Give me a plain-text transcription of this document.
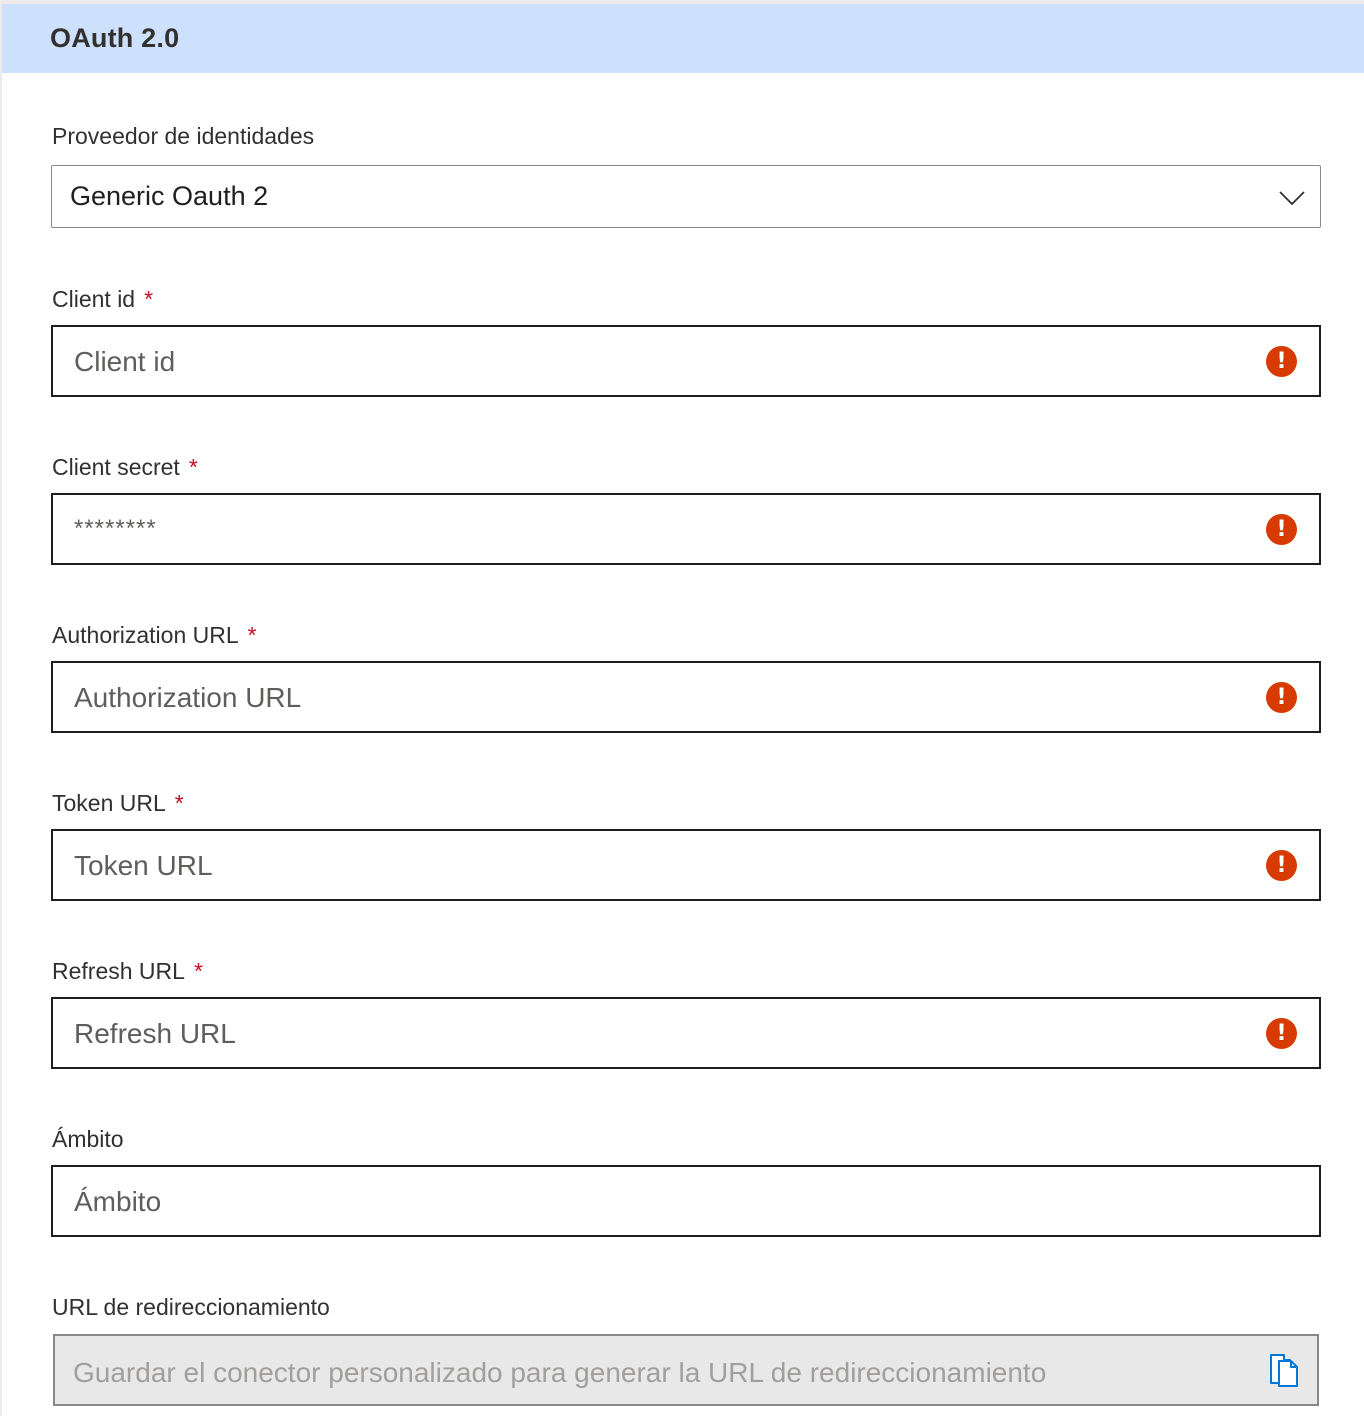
OAuth 2.0
Proveedor de identidades
Generic Oauth 2
Client id *
Client id	!
Client secret *
********	!
Authorization URL *
Authorization URL	!
Token URL *
Token URL	!
Refresh URL *
Refresh URL	!
Ámbito
Ámbito
URL de redireccionamiento
Guardar el conector personalizado para generar la URL de redireccionamiento
